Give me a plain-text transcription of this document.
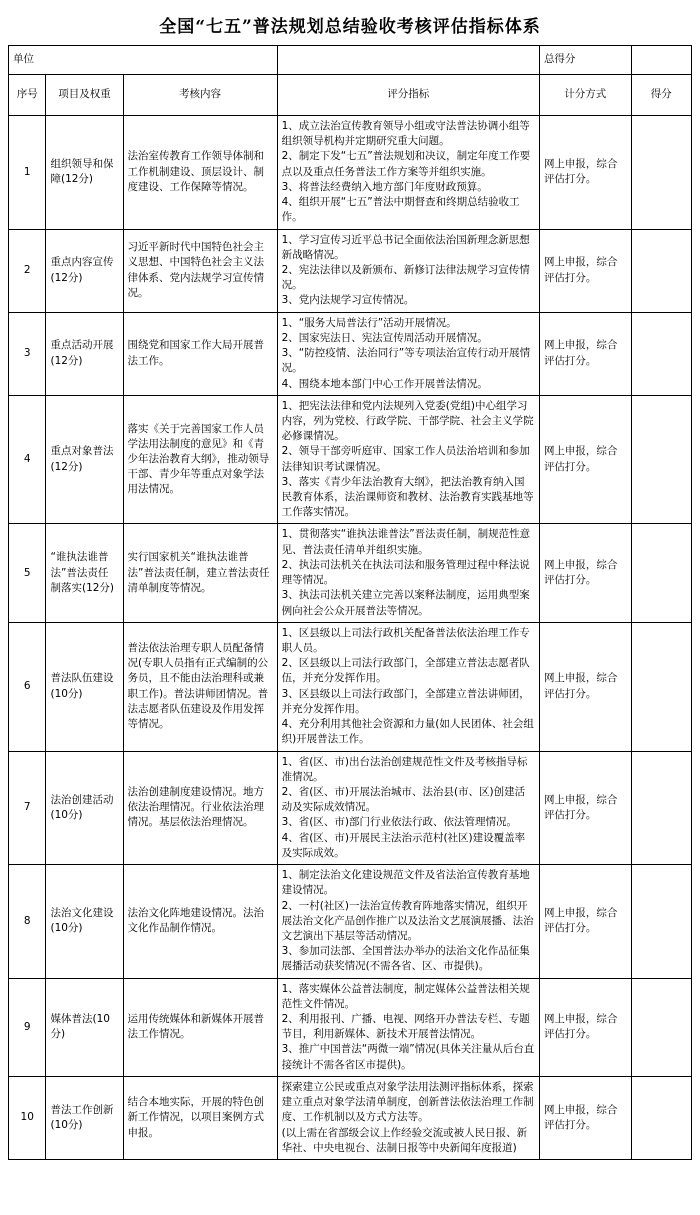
全国“七五”普法规划总结验收考核评估指标体系
单位				总得分	
序号	项目及权重	考核内容	评分指标	计分方式	得分
1	组织领导和保障(12分)	法治室传教育工作领导体制和工作机制建设、顶层设计、制度建设、工作保障等情况。	1、成立法治宣传教育领导小组或守法普法协调小组等组织领导机构并定期研究重大问题。
2、制定下发“七五”普法规划和决议，制定年度工作要点以及重点任务普法工作方案等并组织实施。
3、将普法经费纳入地方部门年度财政预算。
4、组织开展“七五”普法中期督查和终期总结验收工作。	网上申报，综合评估打分。	
2	重点内容宣传(12分)	习近平新时代中国特色社会主义思想、中国特色社会主义法律体系、党内法规学习宣传情况。	1、学习宣传习近平总书记全面依法治国新理念新思想新战略情况。
2、宪法法律以及新颁布、新修订法律法规学习宣传情况。
3、党内法规学习宣传情况。	网上申报，综合评估打分。	
3	重点活动开展(12分)	围绕党和国家工作大局开展普法工作。	1、“服务大局普法行”活动开展情况。
2、国家宪法日、宪法宣传周活动开展情况。
3、“防控疫情、法治同行”等专项法治宣传行动开展情况。
4、围绕本地本部门中心工作开展普法情况。	网上申报，综合评估打分。	
4	重点对象普法(12分)	落实《关于完善国家工作人员学法用法制度的意见》和《青少年法治教育大纲》，推动领导干部、青少年等重点对象学法用法情况。	1、把宪法法律和党内法规列入党委(党组)中心组学习内容，列为党校、行政学院、干部学院、社会主义学院必修课情况。
2、领导干部旁听庭审、国家工作人员法治培训和参加法律知识考试课情况。
3、落实《青少年法治教育大纲》，把法治教育纳入国民教育体系，法治课师资和教材、法治教育实践基地等工作落实情况。	网上申报，综合评估打分。	
5	“谁执法谁普法”普法责任制落实(12分)	实行国家机关“谁执法谁普法”普法责任制，建立普法责任清单制度等情况。	1、贯彻落实“谁执法谁普法”晋法责任制，制规范性意见、普法责任清单并组织实施。
2、执法司法机关在执法司法和服务管理过程中释法说理等情况。
3、执法司法机关建立完善以案释法制度，运用典型案例向社会公众开展普法等情况。	网上申报，综合评估打分。	
6	普法队伍建设(10分)	普法依法治理专职人员配备情况(专职人员指有正式编制的公务员，且不能由法治理科或兼职工作)。普法讲师团情况。普法志愿者队伍建设及作用发挥等情况。	1、区县级以上司法行政机关配备普法依法治理工作专职人员。
2、区县级以上司法行政部门，全部建立普法志愿者队伍，并充分发挥作用。
3、区县级以上司法行政部门，全部建立普法讲师团，并充分发挥作用。
4、充分利用其他社会资源和力量(如人民团体、社会组织)开展普法工作。	网上申报，综合评估打分。	
7	法治创建活动(10分)	法治创建制度建设情况。地方依法治理情况。行业依法治理情况。基层依法治理情况。	1、省(区、市)出台法治创建规范性文件及考核指导标准情况。
2、省(区、市)开展法治城市、法治县(市、区)创建活动及实际成效情况。
3、省(区、市)部门行业依法行政、依法管理情况。
4、省(区、市)开展民主法治示范村(社区)建设覆盖率及实际成效。	网上申报，综合评估打分。	
8	法治文化建设(10分)	法治文化阵地建设情况。法治文化作品制作情况。	1、制定法治文化建设规范文件及省法治宣传教育基地建设情况。
2、一村(社区)一法治宣传教育阵地落实情况，组织开展法治文化产品创作推广以及法治文艺展演展播、法治文艺演出下基层等活动情况。
3、参加司法部、全国普法办举办的法治文化作品征集展播活动获奖情况(不需各省、区、市提供)。	网上申报，综合评估打分。	
9	媒体普法(10分)	运用传统媒体和新媒体开展普法工作情况。	1、落实媒体公益普法制度，制定媒体公益普法相关规范性文件情况。
2、利用报刊、广播、电视、网络开办普法专栏、专题节目，利用新媒体、新技术开展普法情况。
3、推广中国普法“两微一端”情况(具体关注量从后台直接统计不需各省区市提供)。	网上申报，综合评估打分。	
10	普法工作创新(10分)	结合本地实际，开展的特色创新工作情况，以项目案例方式申报。	探索建立公民或重点对象学法用法测评指标体系，探索建立重点对象学法清单制度，创新普法依法治理工作制度、工作机制以及方式方法等。
(以上需在省部级会议上作经验交流或被人民日报、新华社、中央电视台、法制日报等中央新闻年度报道)	网上申报，综合评估打分。	
